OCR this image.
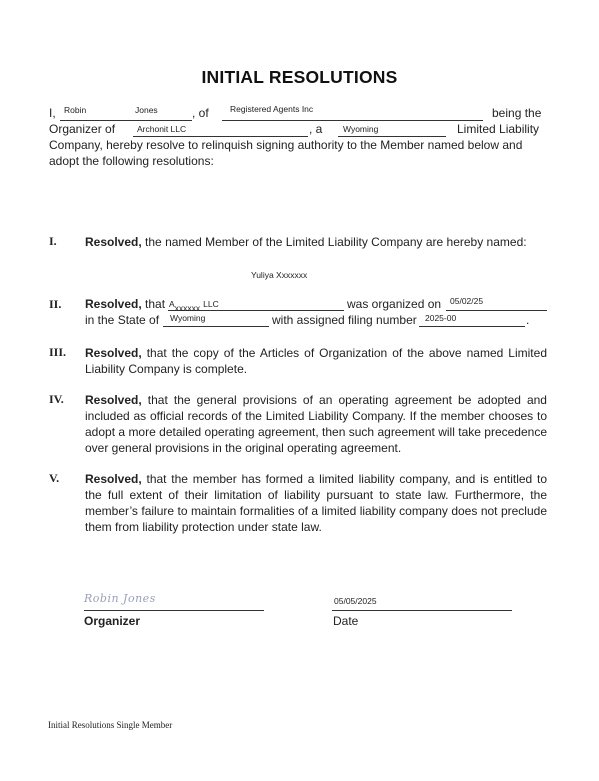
INITIAL RESOLUTIONS
I, Robin	Jones	, of	Registered Agents Inc	being the
Organizer of	Archonit LLC	, a Wyoming	Limited Liability
Company, hereby resolve to relinquish signing authority to the Member named below and
adopt the following resolutions:
I. Resolved, the named Member of the Limited Liability Company are hereby named:
Yuliya Xxxxxxx
II. Resolved, that $A_{xxxxxx}$ LLC	was organized on 05/02/25
in the State of Wyoming	with assigned filing number 2025-00	.
III. Resolved, that the copy of the Articles of Organization of the above named Limited Liability Company is complete.
IV. Resolved, that the general provisions of an operating agreement be adopted and included as official records of the Limited Liability Company. If the member chooses to adopt a more detailed operating agreement, then such agreement will take precedence over general provisions in the original operating agreement.
V. Resolved, that the member has formed a limited liability company, and is entitled to the full extent of their limitation of liability pursuant to state law. Furthermore, the member’s failure to maintain formalities of a limited liability company does not preclude them from liability protection under state law.
Robin Jones
Organizer
05/05/2025
Date
Initial Resolutions Single Member
